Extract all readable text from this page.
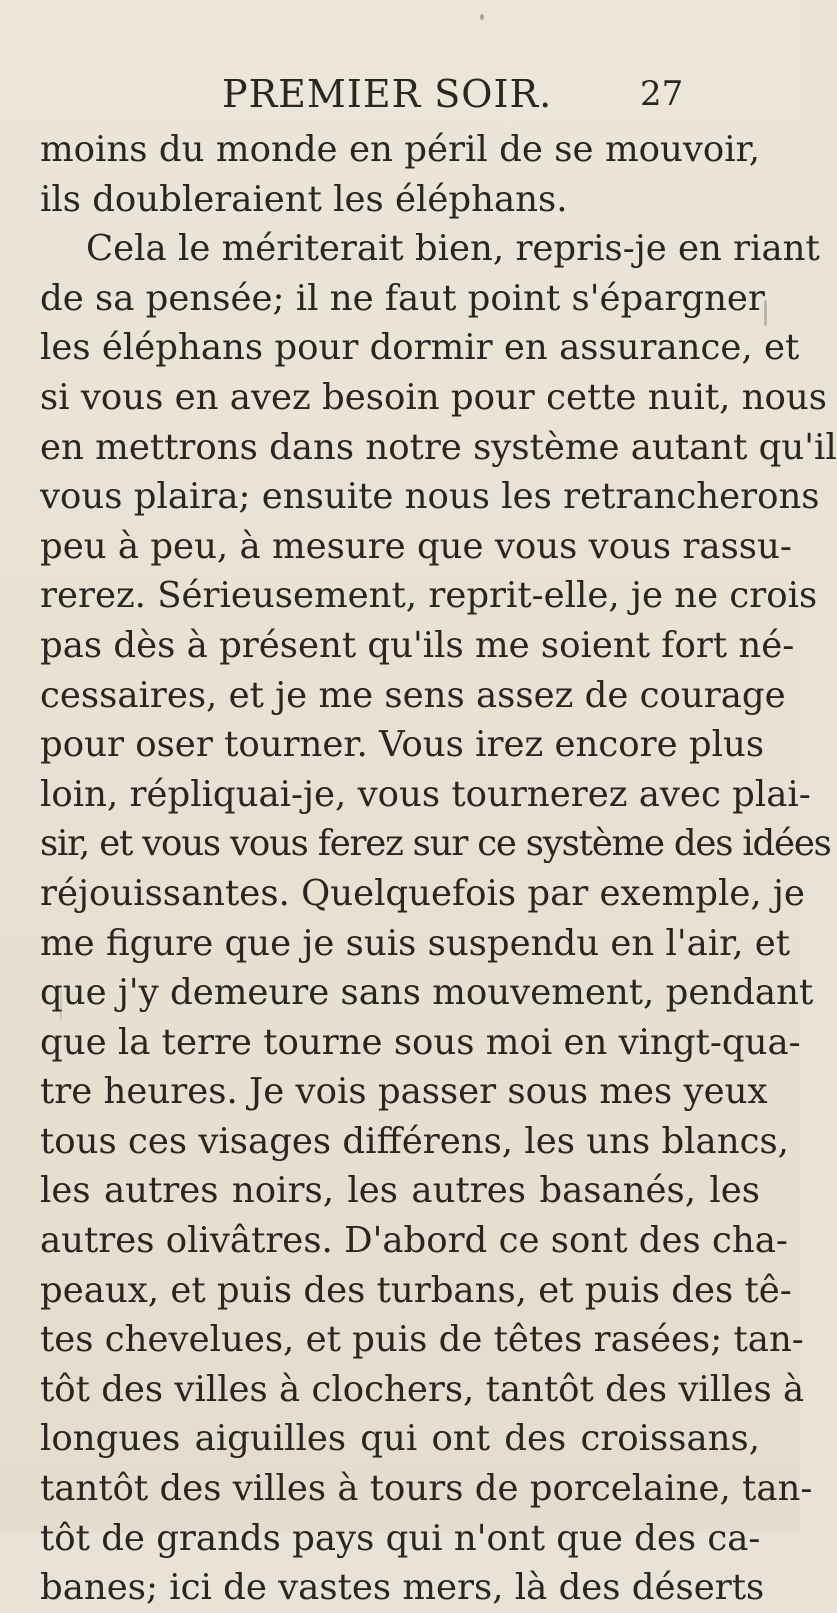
PREMIER SOIR.	27
moins du monde en péril de se mouvoir,
ils doubleraient les éléphans.
Cela le mériterait bien, repris-je en riant
de sa pensée; il ne faut point s'épargner
les éléphans pour dormir en assurance, et
si vous en avez besoin pour cette nuit, nous
en mettrons dans notre système autant qu'il
vous plaira; ensuite nous les retrancherons
peu à peu, à mesure que vous vous rassu-
rerez. Sérieusement, reprit-elle, je ne crois
pas dès à présent qu'ils me soient fort né-
cessaires, et je me sens assez de courage
pour oser tourner. Vous irez encore plus
loin, répliquai-je, vous tournerez avec plai-
sir, et vous vous ferez sur ce système des idées
réjouissantes. Quelquefois par exemple, je
me figure que je suis suspendu en l'air, et
que j'y demeure sans mouvement, pendant
que la terre tourne sous moi en vingt-qua-
tre heures. Je vois passer sous mes yeux
tous ces visages différens, les uns blancs,
les autres noirs, les autres basanés, les
autres olivâtres. D'abord ce sont des cha-
peaux, et puis des turbans, et puis des tê-
tes chevelues, et puis de têtes rasées; tan-
tôt des villes à clochers, tantôt des villes à
longues aiguilles qui ont des croissans,
tantôt des villes à tours de porcelaine, tan-
tôt de grands pays qui n'ont que des ca-
banes; ici de vastes mers, là des déserts
